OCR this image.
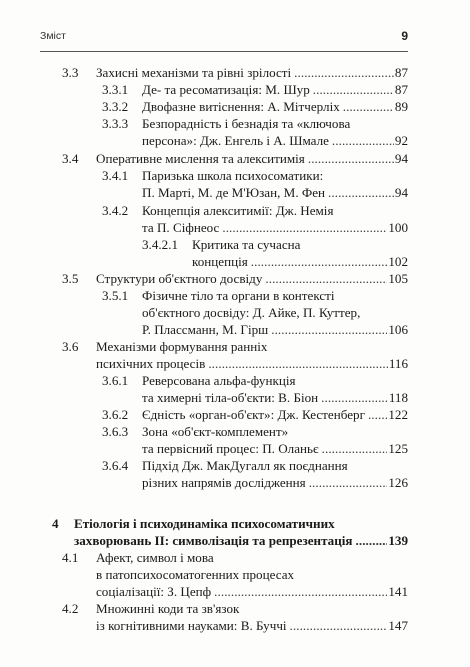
Зміст	9
3.3 Захисні механізми та рівні зрілості . . .	87
3.3.1 Де- та ресоматизація: М. Шур . . .	87
3.3.2 Двофазне витіснення: А. Мітчерліх . . .	89
3.3.3 Безпорадність і безнадія та «ключова
персона»: Дж. Енгель і А. Шмале . . .	92
3.4 Оперативне мислення та алекситимія . . .	94
3.4.1 Паризька школа психосоматики:
П. Марті, М. де М'Юзан, М. Фен . . .	94
3.4.2 Концепція алекситимії: Дж. Немія
та П. Сіфнеос . . .	100
3.4.2.1 Критика та сучасна
концепція . . .	102
3.5 Структури об'єктного досвіду . . .	105
3.5.1 Фізичне тіло та органи в контексті
об'єктного досвіду: Д. Айке, П. Куттер,
Р. Плассманн, М. Гірш . . .	106
3.6 Механізми формування ранніх
психічних процесів . . .	116
3.6.1 Реверсована альфа-функція
та химерні тіла-об'єкти: В. Біон . . .	118
3.6.2 Єдність «орган-об'єкт»: Дж. Кестенберг . . . 122
3.6.3 Зона «об'єкт-комплемент»
та первісний процес: П. Оланьє . . .	125
3.6.4 Підхід Дж. МакДугалл як поєднання
різних напрямів дослідження . . .	126
4 Етіологія і психодинаміка психосоматичних
захворювань II: символізація та репрезентація . . .	139
4.1 Афект, символ і мова
в патопсихосоматогенних процесах
соціалізації: З. Цепф . . .	141
4.2 Множинні коди та зв'язок
із когнітивними науками: В. Буччі . . .	147
